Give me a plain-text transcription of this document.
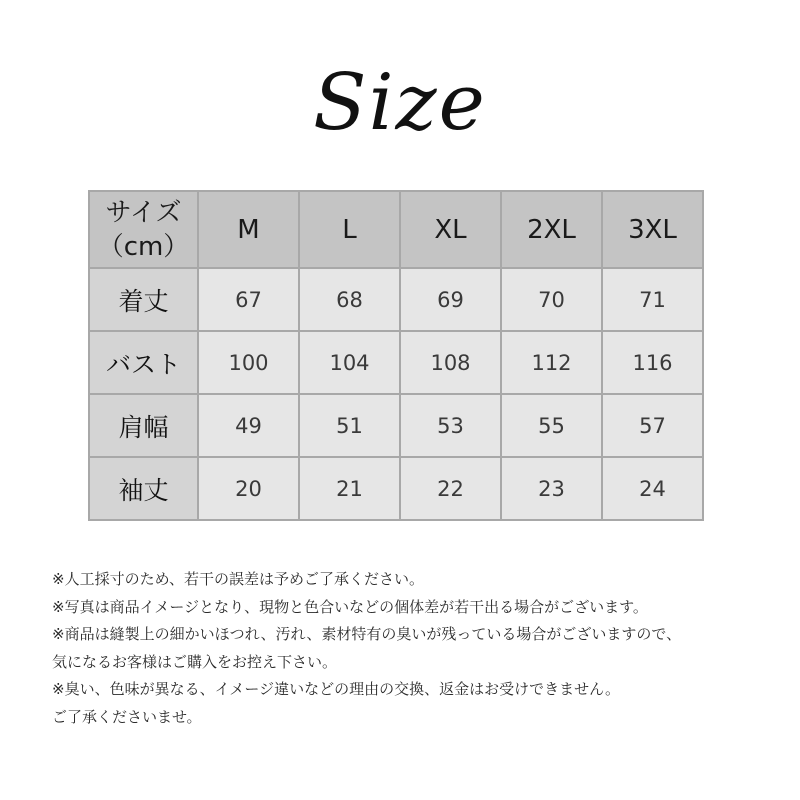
Size
サイズ
（cm）	M	L	XL	2XL	3XL
着丈	67	68	69	70	71
バスト	100	104	108	112	116
肩幅	49	51	53	55	57
袖丈	20	21	22	23	24
※人工採寸のため、若干の誤差は予めご了承ください。
※写真は商品イメージとなり、現物と色合いなどの個体差が若干出る場合がございます。
※商品は縫製上の細かいほつれ、汚れ、素材特有の臭いが残っている場合がございますので、
気になるお客様はご購入をお控え下さい。
※臭い、色味が異なる、イメージ違いなどの理由の交換、返金はお受けできません。
ご了承くださいませ。
